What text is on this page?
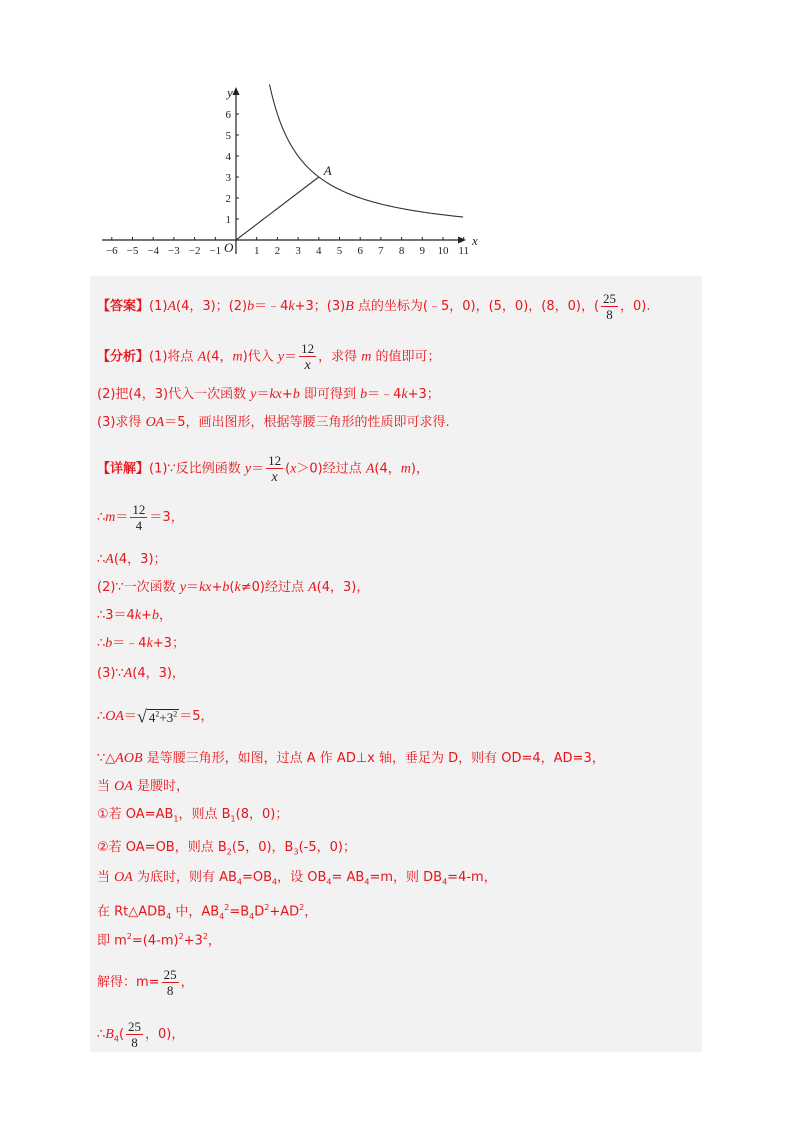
−6 −5 −4 −3 −2 −1	1 2 3 4 5 6 7 8 9 10 11
1
2
3
4
5
6
x
y
O
A
【答案】(1)A(4，3)；(2)b＝﹣4k+3；(3)B 点的坐标为(﹣5，0)，(5，0)，(8，0)，( $\frac{25}{8}$ ，0).
【分析】(1)将点 A(4，m)代入 $y= \frac{12}{x}$ ，求得 m 的值即可；
(2)把(4，3)代入一次函数 y＝kx+b 即可得到 b＝﹣4k+3；
(3)求得 OA＝5，画出图形，根据等腰三角形的性质即可求得.
【详解】(1)∵反比例函数 $y= \frac{12}{x} (x>0)$经过点 A(4，m)，
∴m＝ $\frac{12}{4} =3$，
∴A(4，3)；
(2)∵一次函数 y＝kx+b(k≠0)经过点 A(4，3)，
∴3＝4k+b，
∴b＝﹣4k+3；
(3)∵A(4，3)，
∴OA＝√ $4^2+3^2 =5$，
∵△AOB 是等腰三角形，如图，过点 A 作 AD⊥x 轴，垂足为 D，则有 OD=4，AD=3，
当 OA 是腰时，
①若 $OA=AB_1$，则点 $B_1(8$，0)；
②若 OA=OB，则点 $B_2(5$，0)，$B_3(-5$，0)；
当 OA 为底时，则有 $AB_4=OB_4$，设 $OB_4= AB_4=m$，则 $DB_4=4-m$，
在 $Rt\triangle ADB_4$ 中，$AB_4^2=B_4D^2+AD^2$，
即 $m^2=(4-m)^2+3^2$，
解得：$m= \frac{25}{8}$ ，
$\therefore B_4( \frac{25}{8}$ ，0)，
